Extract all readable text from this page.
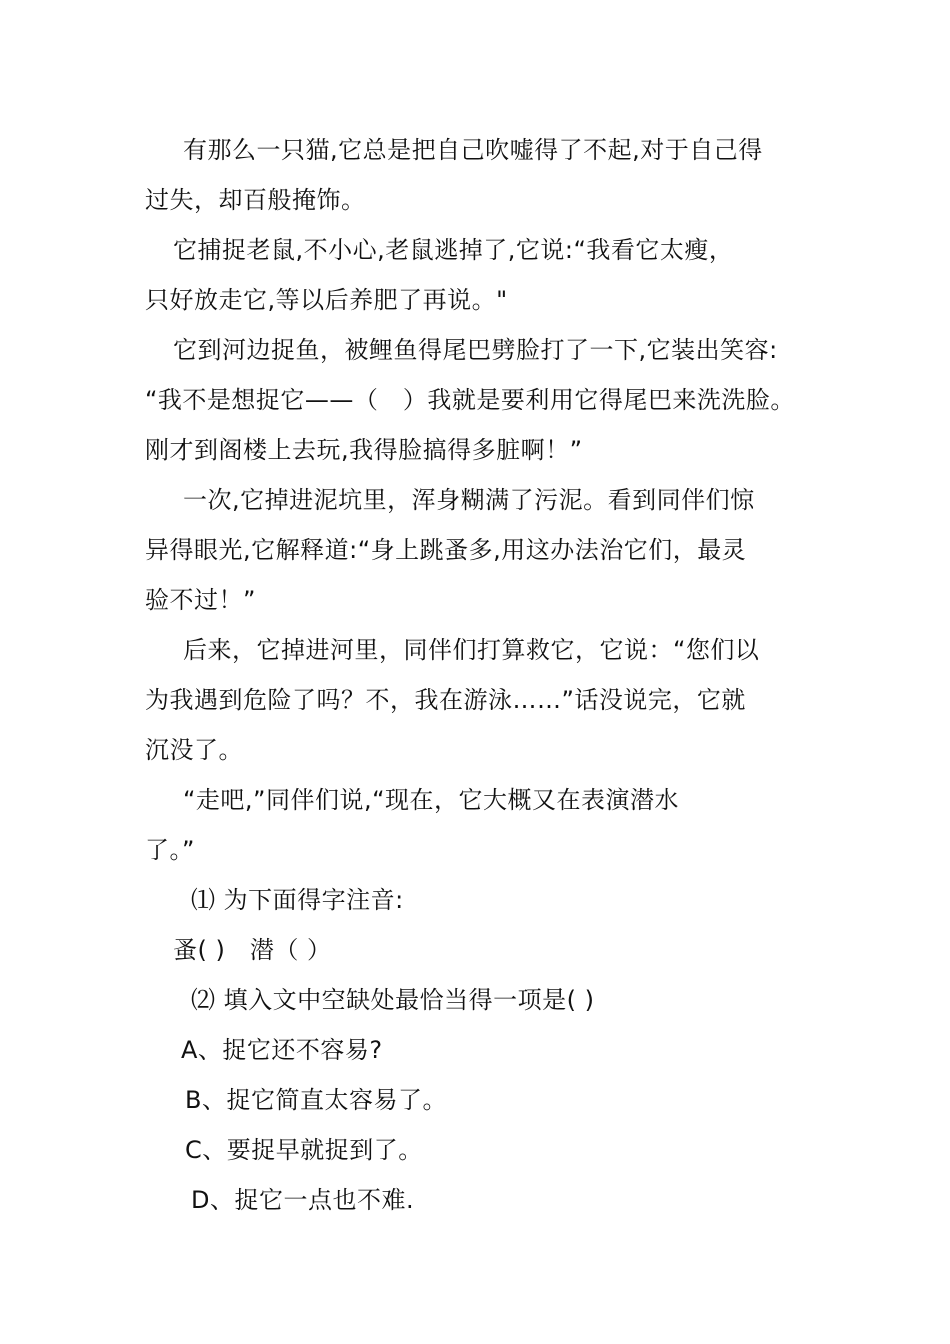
有那么一只猫,它总是把自己吹嘘得了不起,对于自己得
过失，却百般掩饰。
它捕捉老鼠,不小心,老鼠逃掉了,它说:“我看它太瘦，
只好放走它,等以后养肥了再说。"
它到河边捉鱼，被鲤鱼得尾巴劈脸打了一下,它装出笑容:
“我不是想捉它——（　）我就是要利用它得尾巴来洗洗脸。
刚才到阁楼上去玩,我得脸搞得多脏啊！”
一次,它掉进泥坑里，浑身糊满了污泥。看到同伴们惊
异得眼光,它解释道:“身上跳蚤多,用这办法治它们，最灵
验不过！”
后来，它掉进河里，同伴们打算救它，它说：“您们以
为我遇到危险了吗？不，我在游泳……”话没说完，它就
沉没了。
“走吧,”同伴们说,“现在，它大概又在表演潜水
了。”
⑴ 为下面得字注音:
蚤( )　潜（ ）
⑵ 填入文中空缺处最恰当得一项是( )
A、捉它还不容易?
B、捉它简直太容易了。
C、要捉早就捉到了。
D、捉它一点也不难.
